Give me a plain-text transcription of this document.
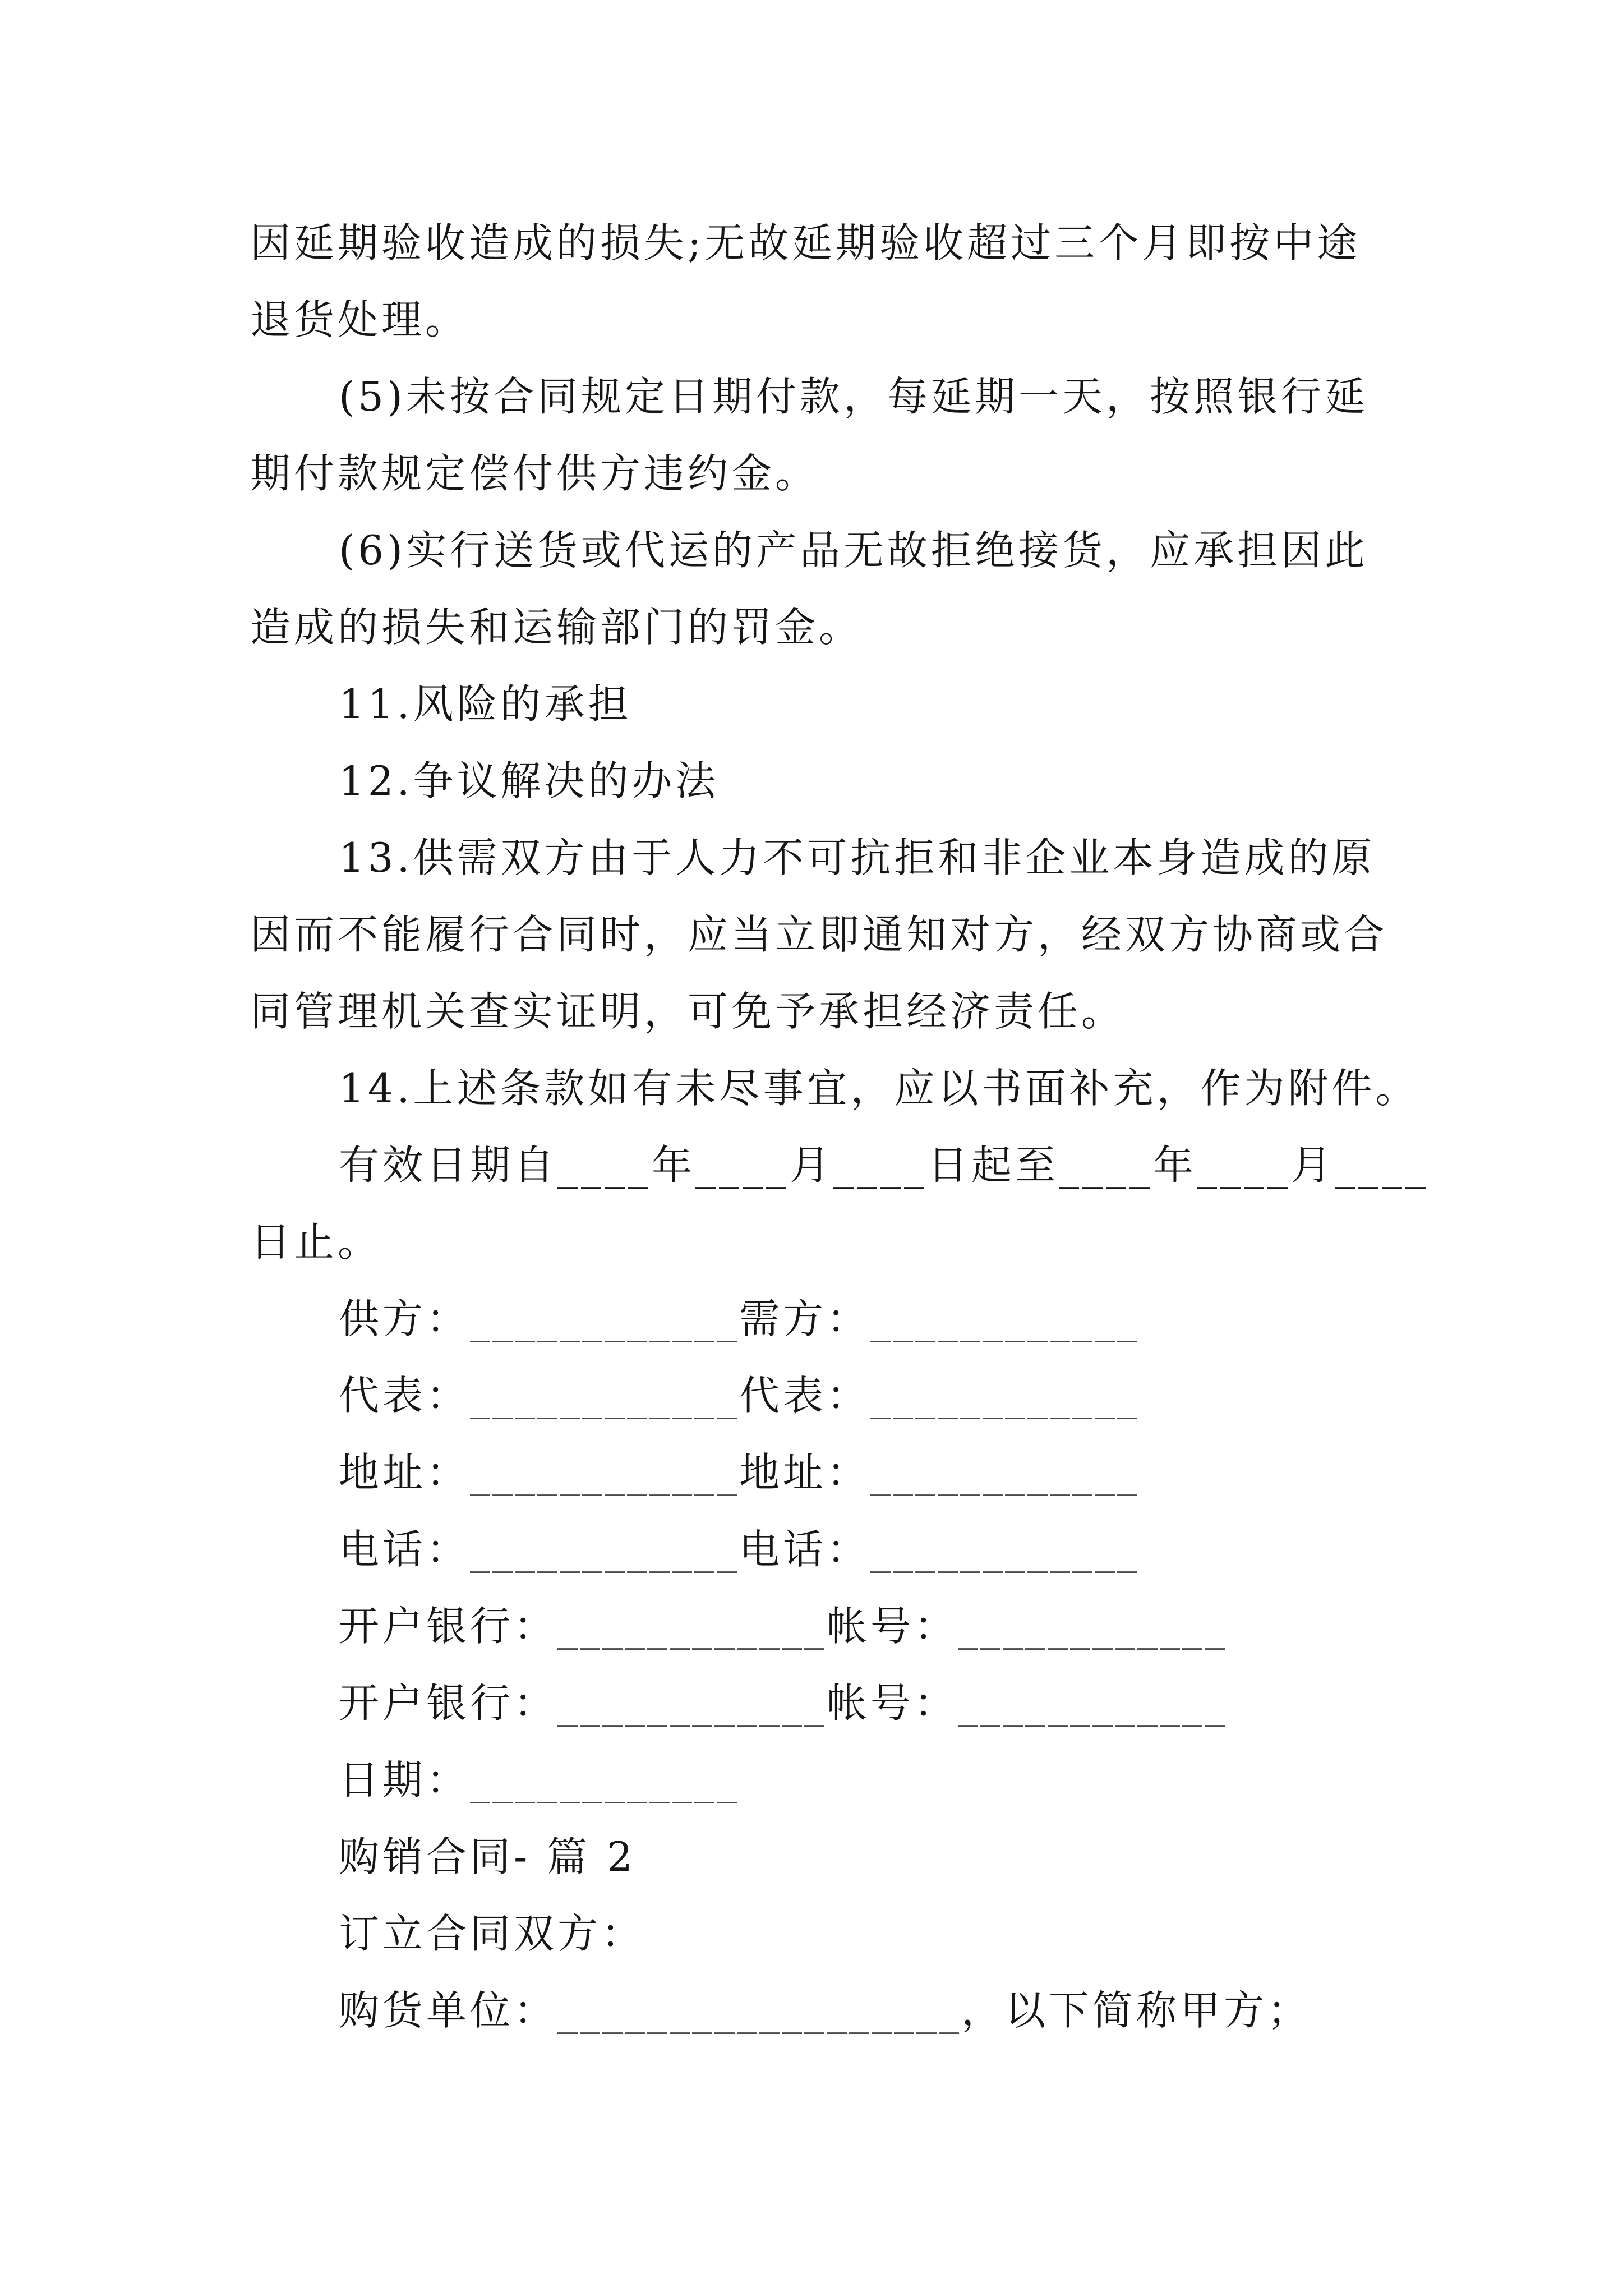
因延期验收造成的损失;无故延期验收超过三个月即按中途
退货处理。
(5)未按合同规定日期付款，每延期一天，按照银行延
期付款规定偿付供方违约金。
(6)实行送货或代运的产品无故拒绝接货，应承担因此
造成的损失和运输部门的罚金。
11.风险的承担
12.争议解决的办法
13.供需双方由于人力不可抗拒和非企业本身造成的原
因而不能履行合同时，应当立即通知对方，经双方协商或合
同管理机关查实证明，可免予承担经济责任。
14.上述条款如有未尽事宜，应以书面补充，作为附件。
有效日期自____年____月____日起至____年____月____
日止。
供方：____________需方：____________
代表：____________代表：____________
地址：____________地址：____________
电话：____________电话：____________
开户银行：____________帐号：____________
开户银行：____________帐号：____________
日期：____________
购销合同- 篇 2
订立合同双方：
购货单位：__________________，以下简称甲方；
